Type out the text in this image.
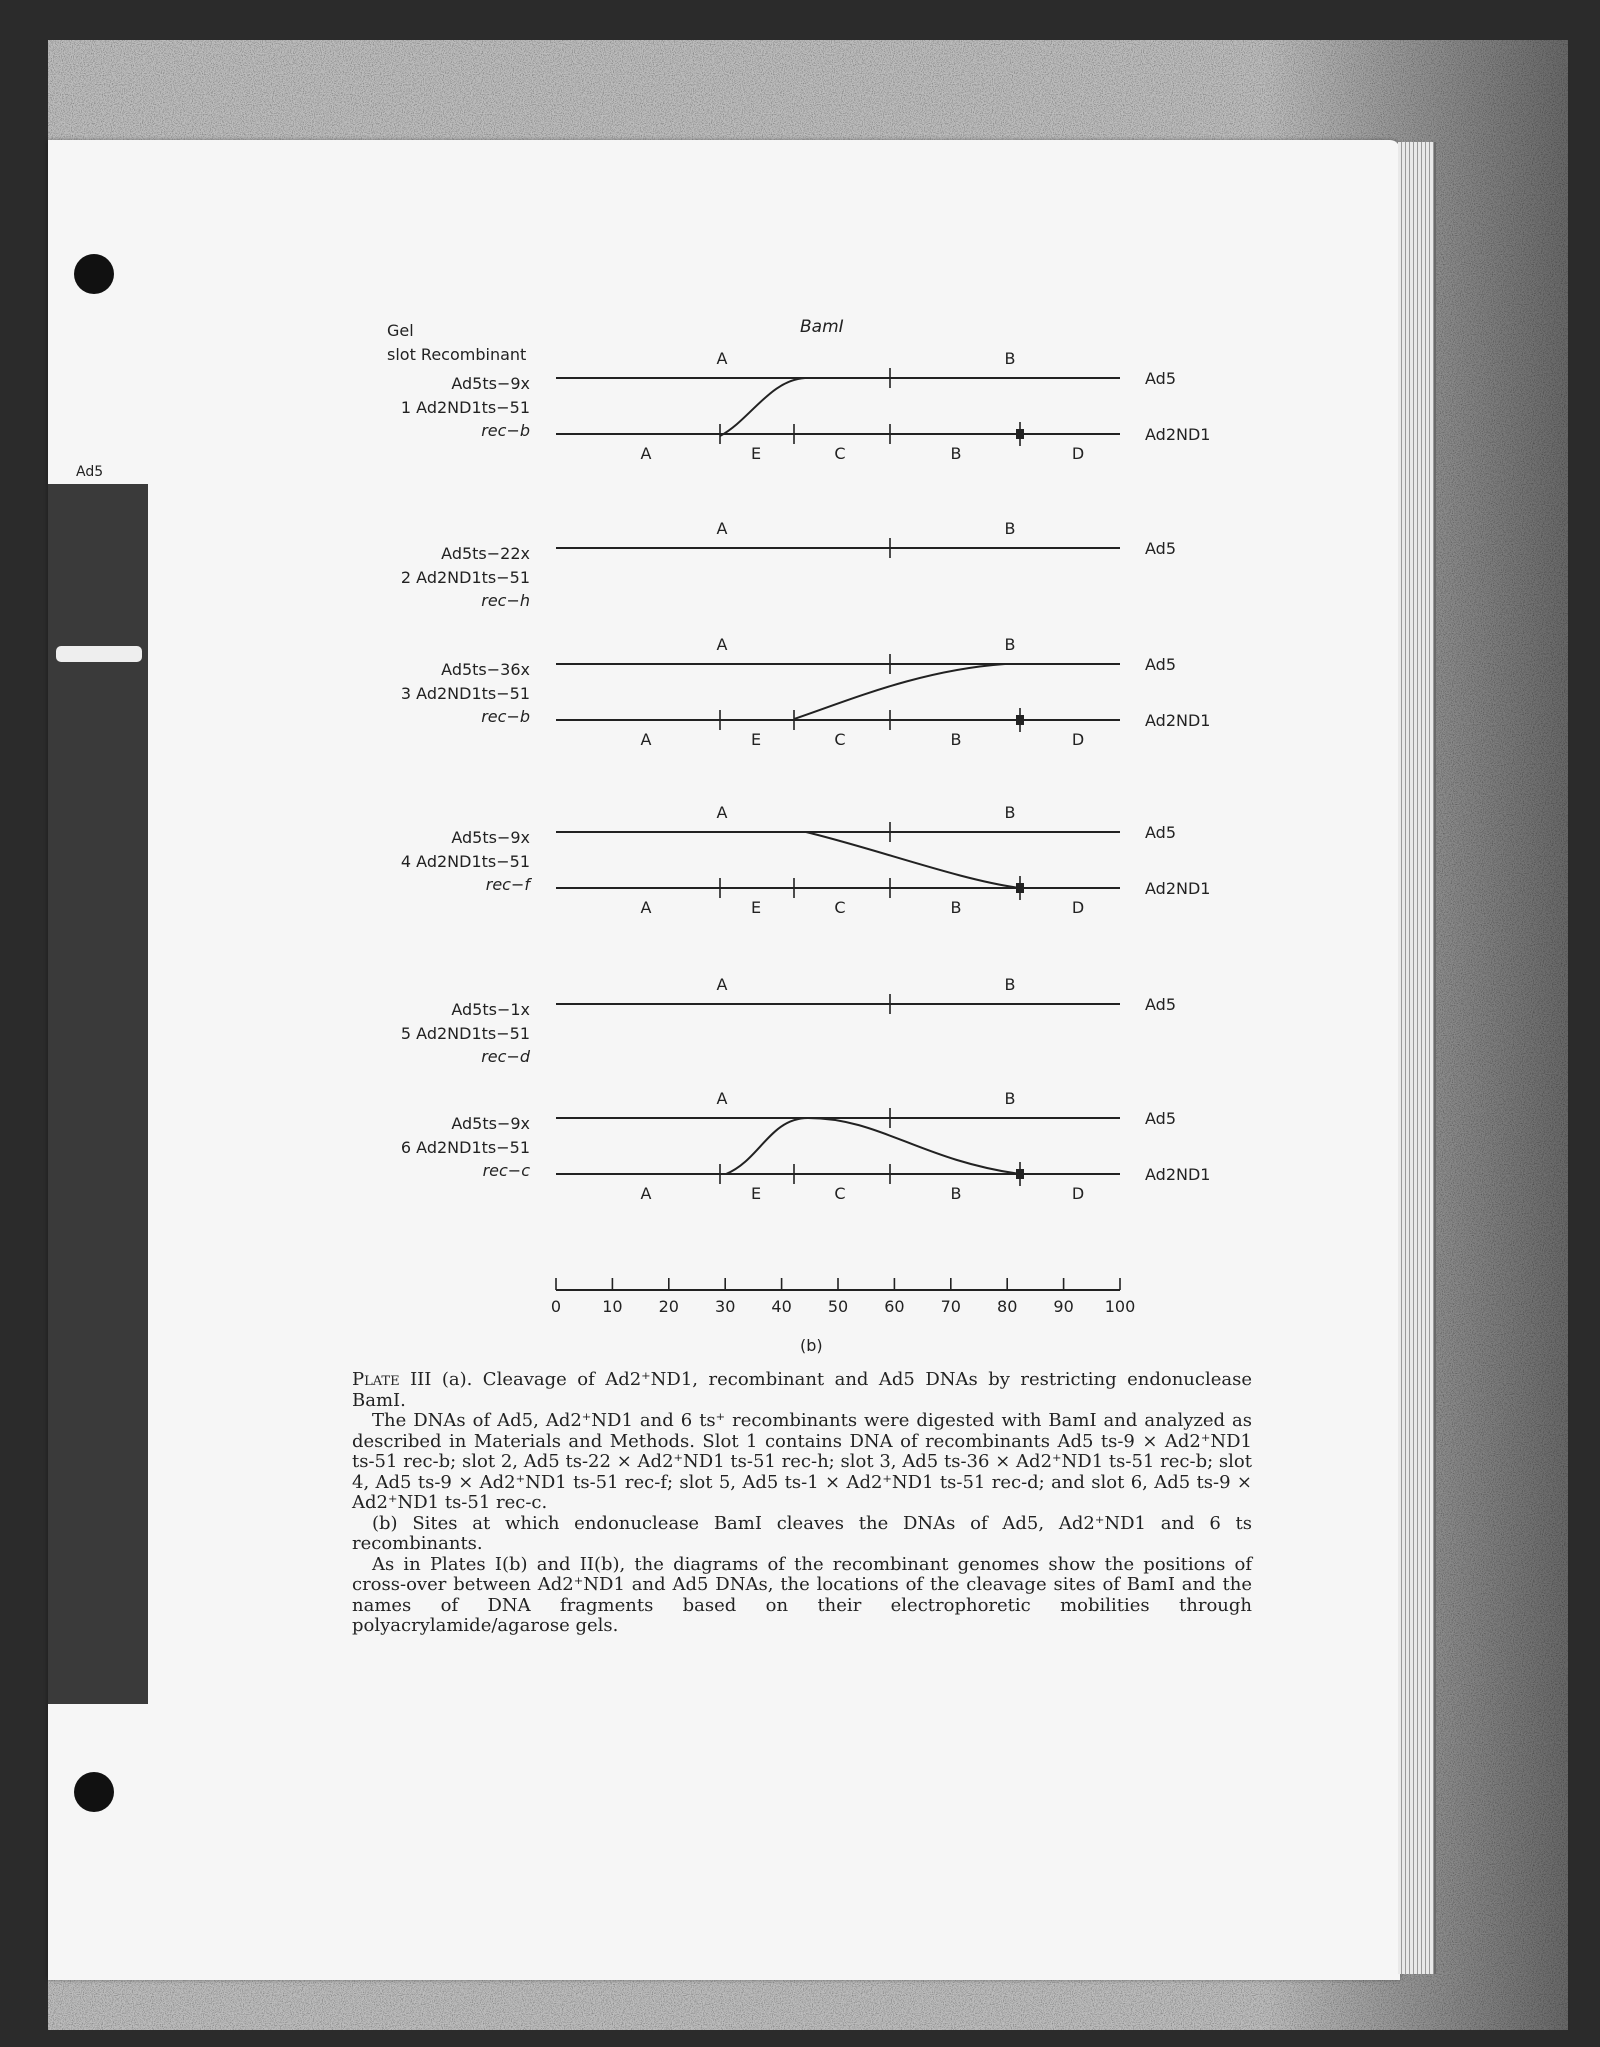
Ad5
Gel
slot Recombinant
BamI
Ad5ts−9x
1 Ad2ND1ts−51
rec−b
A	B
Ad5
A	E	C	B	D
Ad2ND1
Ad5ts−22x
2 Ad2ND1ts−51
rec−h
A	B
Ad5
Ad5ts−36x
3 Ad2ND1ts−51
rec−b
A	B
Ad5
A	E	C	B	D
Ad2ND1
Ad5ts−9x
4 Ad2ND1ts−51
rec−f
A	B
Ad5
A	E	C	B	D
Ad2ND1
Ad5ts−1x
5 Ad2ND1ts−51
rec−d
A	B
Ad5
Ad5ts−9x
6 Ad2ND1ts−51
rec−c
A	B
Ad5
A	E	C	B	D
Ad2ND1
0	10 20 30 40 50 60 70 80 90 100
(b)

Plate III (a). Cleavage of Ad2⁺ND1, recombinant and Ad5 DNAs by restricting endonuclease BamI.

The DNAs of Ad5, Ad2⁺ND1 and 6 ts⁺ recombinants were digested with BamI and analyzed as described in Materials and Methods. Slot 1 contains DNA of recombinants Ad5 ts-9 × Ad2⁺ND1 ts-51 rec-b; slot 2, Ad5 ts-22 × Ad2⁺ND1 ts-51 rec-h; slot 3, Ad5 ts-36 × Ad2⁺ND1 ts-51 rec-b; slot 4, Ad5 ts-9 × Ad2⁺ND1 ts-51 rec-f; slot 5, Ad5 ts-1 × Ad2⁺ND1 ts-51 rec-d; and slot 6, Ad5 ts-9 × Ad2⁺ND1 ts-51 rec-c.

(b) Sites at which endonuclease BamI cleaves the DNAs of Ad5, Ad2⁺ND1 and 6 ts recombinants.

As in Plates I(b) and II(b), the diagrams of the recombinant genomes show the positions of cross-over between Ad2⁺ND1 and Ad5 DNAs, the locations of the cleavage sites of BamI and the names of DNA fragments based on their electrophoretic mobilities through polyacrylamide/agarose gels.
